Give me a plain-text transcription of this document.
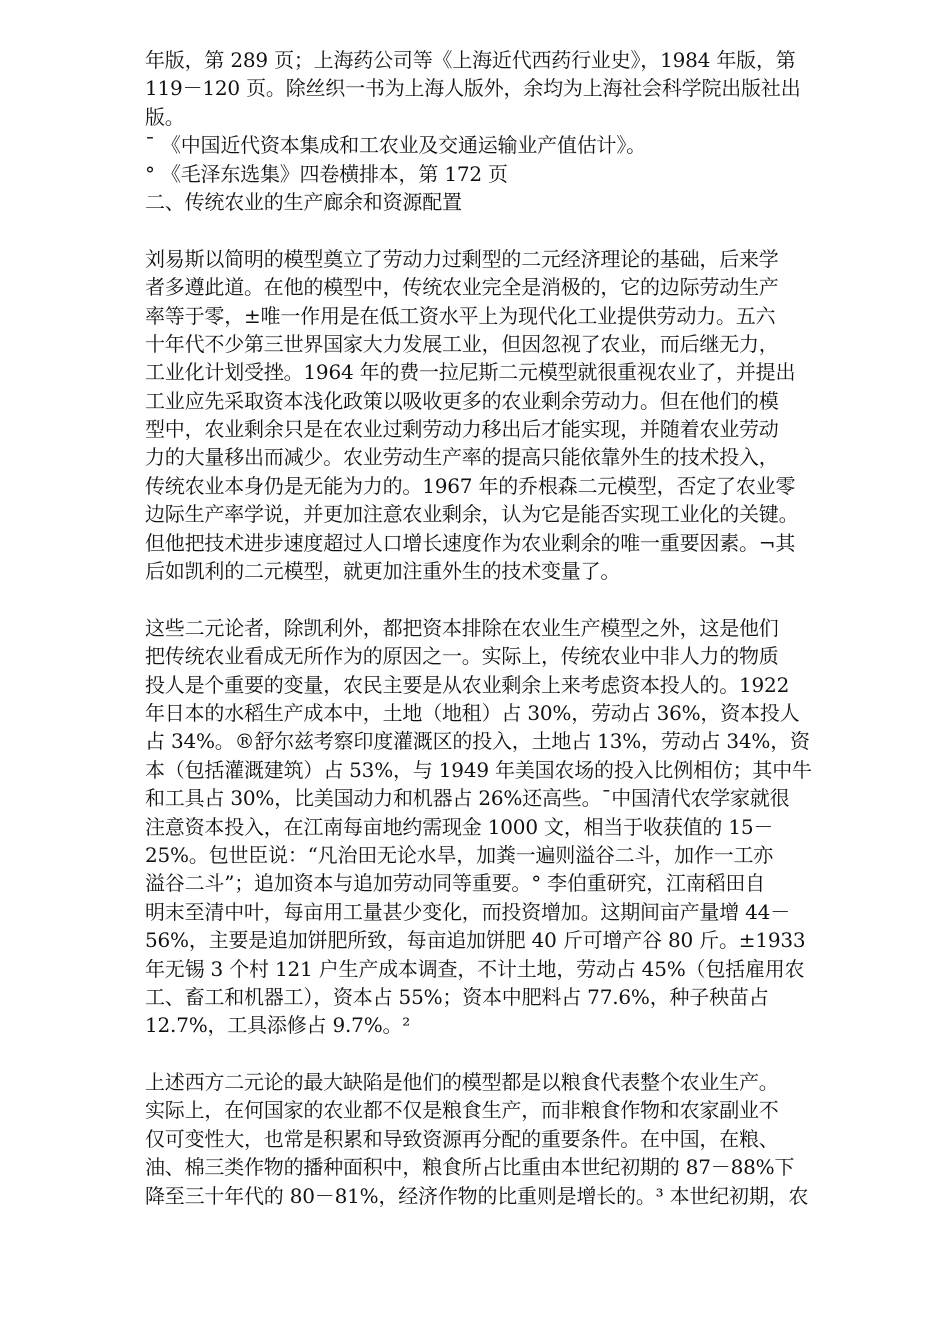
年版，第 289 页；上海药公司等《上海近代西药行业史》，1984 年版，第
119－120 页。除丝织一书为上海人版外，余均为上海社会科学院出版社出
版。
¯ 《中国近代资本集成和工农业及交通运输业产值估计》。
° 《毛泽东选集》四卷横排本，第 172 页
二、传统农业的生产廊余和资源配置
刘易斯以简明的模型奠立了劳动力过剩型的二元经济理论的基础，后来学
者多遵此道。在他的模型中，传统农业完全是消极的，它的边际劳动生产
率等于零，±唯一作用是在低工资水平上为现代化工业提供劳动力。五六
十年代不少第三世界国家大力发展工业，但因忽视了农业，而后继无力，
工业化计划受挫。1964 年的费一拉尼斯二元模型就很重视农业了，并提出
工业应先采取资本浅化政策以吸收更多的农业剩余劳动力。但在他们的模
型中，农业剩余只是在农业过剩劳动力移出后才能实现，并随着农业劳动
力的大量移出而减少。农业劳动生产率的提高只能依靠外生的技术投入，
传统农业本身仍是无能为力的。1967 年的乔根森二元模型，否定了农业零
边际生产率学说，并更加注意农业剩余，认为它是能否实现工业化的关键。
但他把技术进步速度超过人口增长速度作为农业剩余的唯一重要因素。¬其
后如凯利的二元模型，就更加注重外生的技术变量了。
这些二元论者，除凯利外，都把资本排除在农业生产模型之外，这是他们
把传统农业看成无所作为的原因之一。实际上，传统农业中非人力的物质
投人是个重要的变量，农民主要是从农业剩余上来考虑资本投人的。1922
年日本的水稻生产成本中，土地（地租）占 30%，劳动占 36%，资本投人
占 34%。®舒尔兹考察印度灌溉区的投入，土地占 13%，劳动占 34%，资
本（包括灌溉建筑）占 53%，与 1949 年美国农场的投入比例相仿；其中牛
和工具占 30%，比美国动力和机器占 26%还高些。¯中国清代农学家就很
注意资本投入，在江南每亩地约需现金 1000 文，相当于收获值的 15－
25%。包世臣说：“凡治田无论水旱，加粪一遍则溢谷二斗，加作一工亦
溢谷二斗”；追加资本与追加劳动同等重要。° 李伯重研究，江南稻田自
明末至清中叶，每亩用工量甚少变化，而投资增加。这期间亩产量增 44－
56%，主要是追加饼肥所致，每亩追加饼肥 40 斤可增产谷 80 斤。±1933
年无锡 3 个村 121 户生产成本调查，不计土地，劳动占 45%（包括雇用农
工、畜工和机器工），资本占 55%；资本中肥料占 77.6%，种子秧苗占
12.7%，工具添修占 9.7%。²
上述西方二元论的最大缺陷是他们的模型都是以粮食代表整个农业生产。
实际上，在何国家的农业都不仅是粮食生产，而非粮食作物和农家副业不
仅可变性大，也常是积累和导致资源再分配的重要条件。在中国，在粮、
油、棉三类作物的播种面积中，粮食所占比重由本世纪初期的 87－88%下
降至三十年代的 80－81%，经济作物的比重则是增长的。³ 本世纪初期，农
